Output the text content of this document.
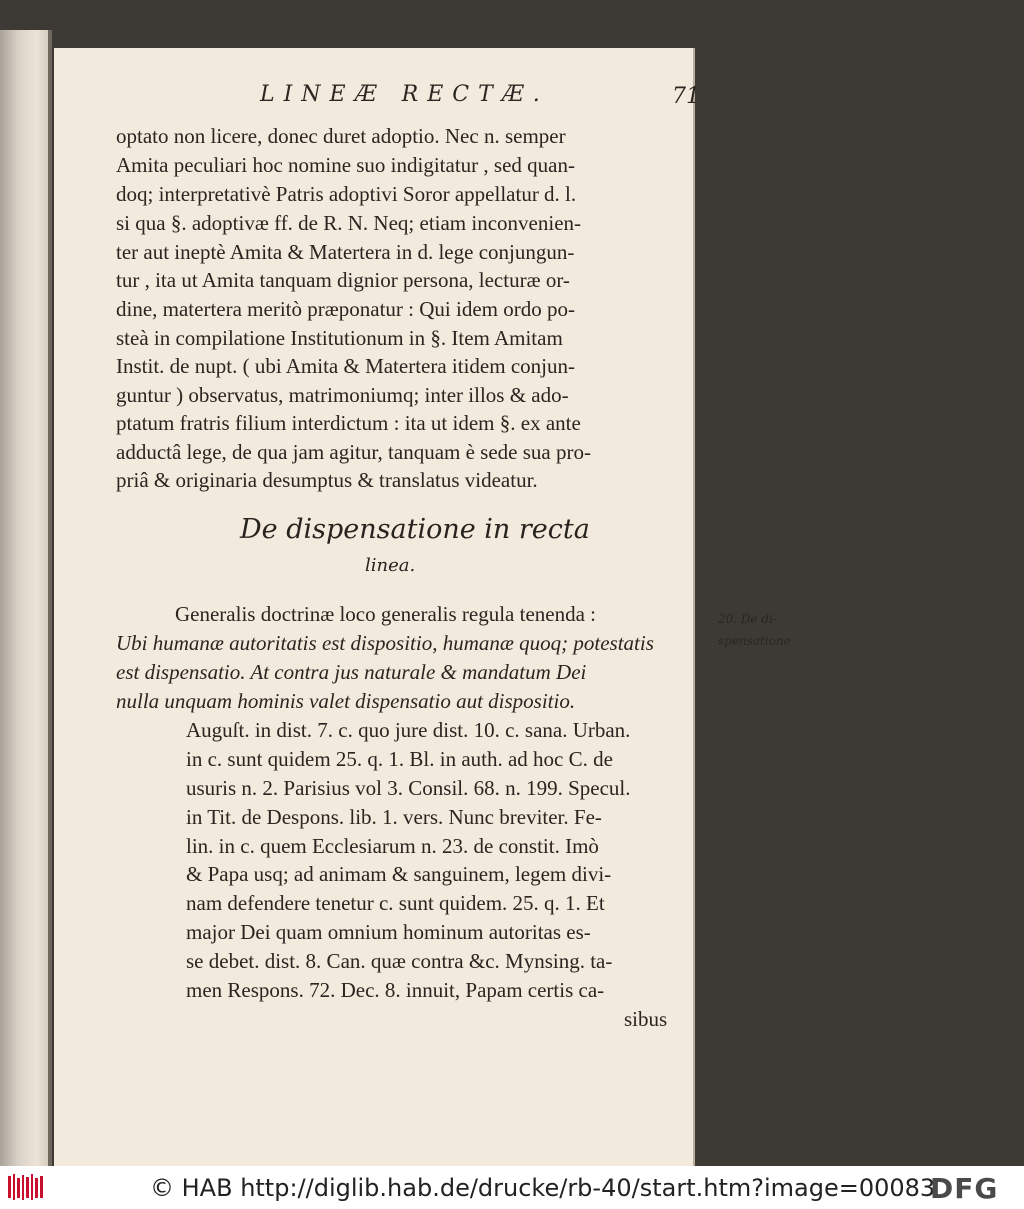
LINEÆ RECTÆ.	71
optato non licere, donec duret adoptio. Nec n. semper
Amita peculiari hoc nomine suo indigitatur , sed quan-
doq; interpretativè Patris adoptivi Soror appellatur d. l.
si qua §. adoptivæ ff. de R. N. Neq; etiam inconvenien-
ter aut ineptè Amita & Matertera in d. lege conjungun-
tur , ita ut Amita tanquam dignior persona, lecturæ or-
dine, matertera meritò præponatur : Qui idem ordo po-
steà in compilatione Institutionum in §. Item Amitam
Instit. de nupt. ( ubi Amita & Matertera itidem conjun-
guntur ) observatus, matrimoniumq; inter illos & ado-
ptatum fratris filium interdictum : ita ut idem §. ex ante
adductâ lege, de qua jam agitur, tanquam è sede sua pro-
priâ & originaria desumptus & translatus videatur.
De dispensatione in recta
linea.
Generalis doctrinæ loco generalis regula tenenda :
Ubi humanæ autoritatis est dispositio, humanæ quoq; potestatis
est dispensatio. At contra jus naturale & mandatum Dei
nulla unquam hominis valet dispensatio aut dispositio.
Auguſt. in dist. 7. c. quo jure dist. 10. c. sana. Urban.
in c. sunt quidem 25. q. 1. Bl. in auth. ad hoc C. de
usuris n. 2. Parisius vol 3. Consil. 68. n. 199. Specul.
in Tit. de Despons. lib. 1. vers. Nunc breviter. Fe-
lin. in c. quem Ecclesiarum n. 23. de constit. Imò
& Papa usq; ad animam & sanguinem, legem divi-
nam defendere tenetur c. sunt quidem. 25. q. 1. Et
major Dei quam omnium hominum autoritas es-
se debet. dist. 8. Can. quæ contra &c. Mynsing. ta-
men Respons. 72. Dec. 8. innuit, Papam certis ca-
sibus
20. De di-
spensatione
© HAB http://diglib.hab.de/drucke/rb-40/start.htm?image=00083
DFG
